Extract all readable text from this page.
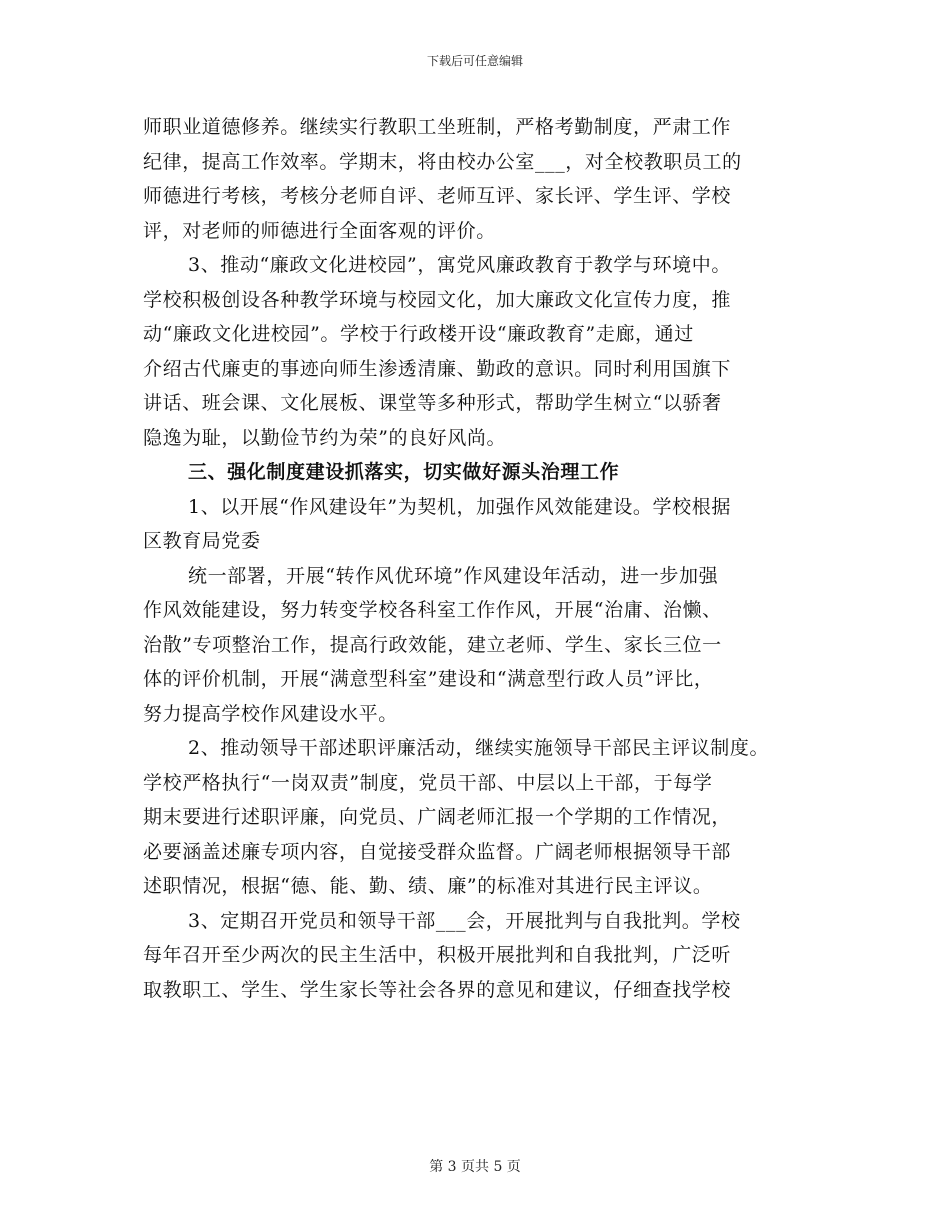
下载后可任意编辑
师职业道德修养。继续实行教职工坐班制，严格考勤制度，严肃工作
纪律，提高工作效率。学期末，将由校办公室___，对全校教职员工的
师德进行考核，考核分老师自评、老师互评、家长评、学生评、学校
评，对老师的师德进行全面客观的评价。
3、推动“廉政文化进校园”，寓党风廉政教育于教学与环境中。
学校积极创设各种教学环境与校园文化，加大廉政文化宣传力度，推
动“廉政文化进校园”。学校于行政楼开设“廉政教育”走廊，通过
介绍古代廉吏的事迹向师生渗透清廉、勤政的意识。同时利用国旗下
讲话、班会课、文化展板、课堂等多种形式，帮助学生树立“以骄奢
隐逸为耻，以勤俭节约为荣”的良好风尚。
三、强化制度建设抓落实，切实做好源头治理工作
1、以开展“作风建设年”为契机，加强作风效能建设。学校根据
区教育局党委
统一部署，开展“转作风优环境”作风建设年活动，进一步加强
作风效能建设，努力转变学校各科室工作作风，开展“治庸、治懒、
治散”专项整治工作，提高行政效能，建立老师、学生、家长三位一
体的评价机制，开展“满意型科室”建设和“满意型行政人员”评比，
努力提高学校作风建设水平。
2、推动领导干部述职评廉活动，继续实施领导干部民主评议制度。
学校严格执行“一岗双责”制度，党员干部、中层以上干部，于每学
期末要进行述职评廉，向党员、广阔老师汇报一个学期的工作情况，
必要涵盖述廉专项内容，自觉接受群众监督。广阔老师根据领导干部
述职情况，根据“德、能、勤、绩、廉”的标准对其进行民主评议。
3、定期召开党员和领导干部___会，开展批判与自我批判。学校
每年召开至少两次的民主生活中，积极开展批判和自我批判，广泛听
取教职工、学生、学生家长等社会各界的意见和建议，仔细查找学校
第 3 页共 5 页
